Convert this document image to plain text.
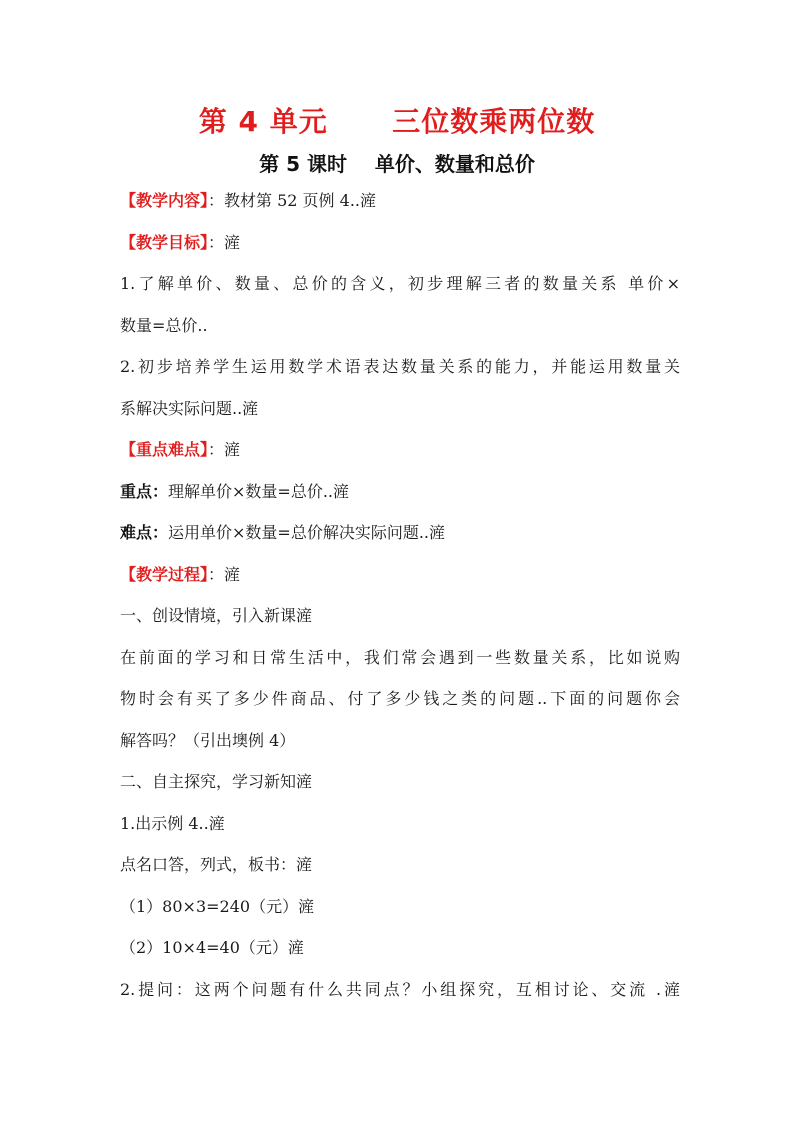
第 4 单元      三位数乘两位数
第 5 课时    单价、数量和总价
【教学内容】：教材第 52 页例 4..滻
【教学目标】：滻
1.了解单价、数量、总价的含义，初步理解三者的数量关系 单价×
数量=总价..
2.初步培养学生运用数学术语表达数量关系的能力，并能运用数量关
系解决实际问题..滻
【重点难点】：滻
重点：理解单价×数量=总价..滻
难点：运用单价×数量=总价解决实际问题..滻
【教学过程】：滻
一、创设情境，引入新课滻
在前面的学习和日常生活中，我们常会遇到一些数量关系，比如说购
物时会有买了多少件商品、付了多少钱之类的问题..下面的问题你会
解答吗？（引出墺例 4）
二、自主探究，学习新知滻
1.出示例 4..滻
点名口答，列式，板书：滻
（1）80×3=240（元）滻
（2）10×4=40（元）滻
2.提问：这两个问题有什么共同点？小组探究，互相讨论、交流 .滻
